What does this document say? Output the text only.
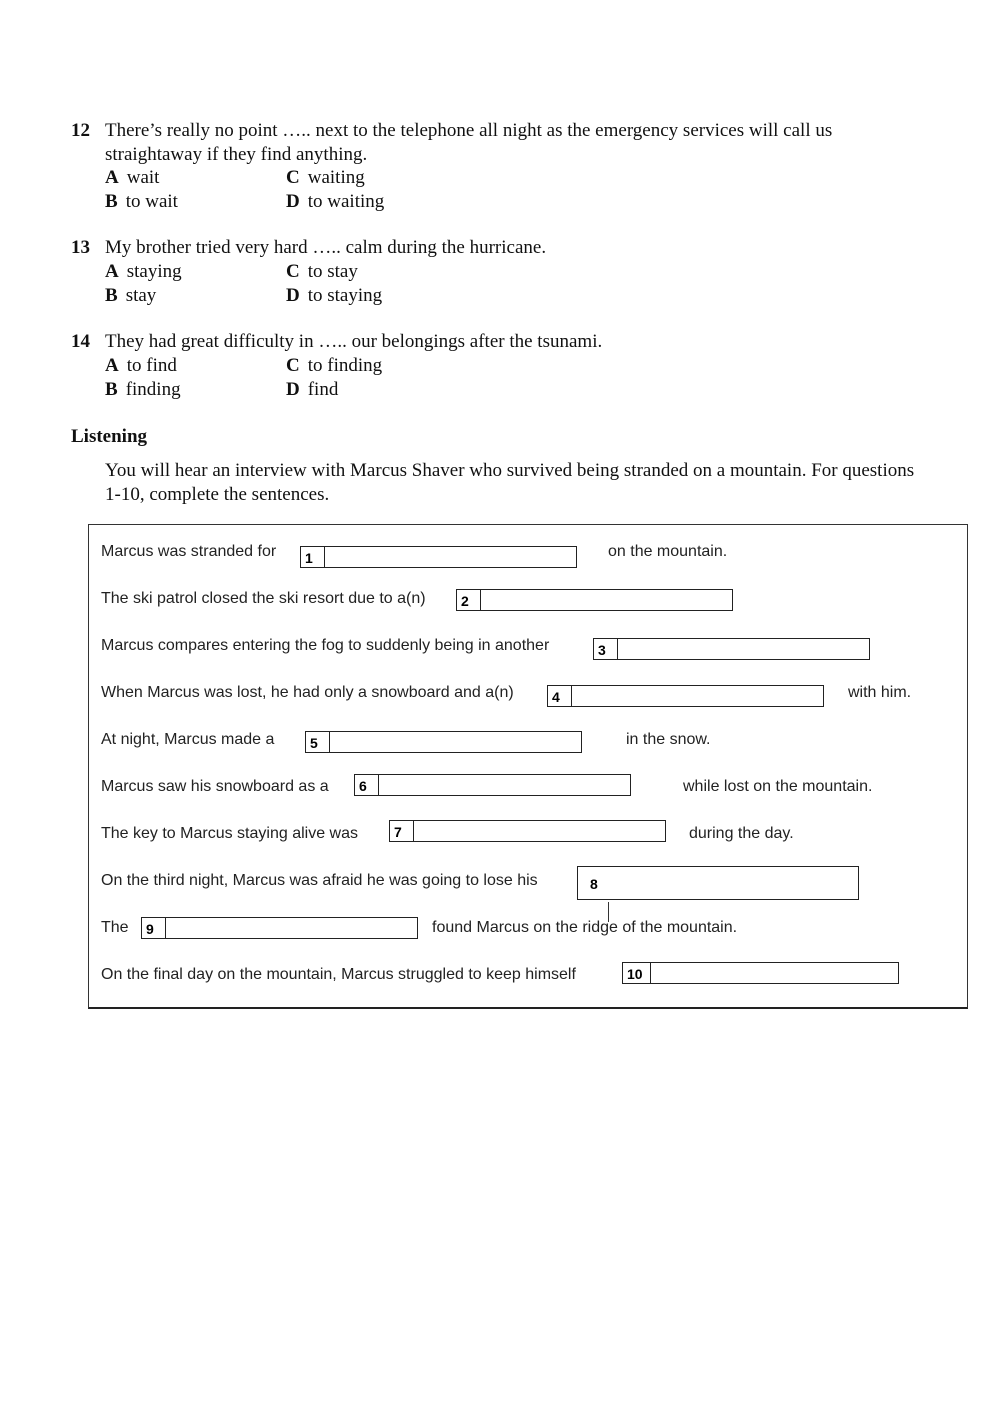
12 There’s really no point ….. next to the telephone all night as the emergency services will call us straightaway if they find anything.
A wait	C waiting
B to wait	D to waiting
13 My brother tried very hard ….. calm during the hurricane.
A staying	C to stay
B stay	D to staying
14 They had great difficulty in ….. our belongings after the tsunami.
A to find	C to finding
B finding	D find
Listening
You will hear an interview with Marcus Shaver who survived being stranded on a mountain. For questions 1-10, complete the sentences.
Marcus was stranded for 1	on the mountain.
The ski patrol closed the ski resort due to a(n)	2
Marcus compares entering the fog to suddenly being in another	3
When Marcus was lost, he had only a snowboard and a(n)	4	with him.
At night, Marcus made a	5	in the snow.
Marcus saw his snowboard as a 6	while lost on the mountain.
The key to Marcus staying alive was	7	during the day.
On the third night, Marcus was afraid he was going to lose his	8
The 9	found Marcus on the ridge of the mountain.
On the final day on the mountain, Marcus struggled to keep himself	10
